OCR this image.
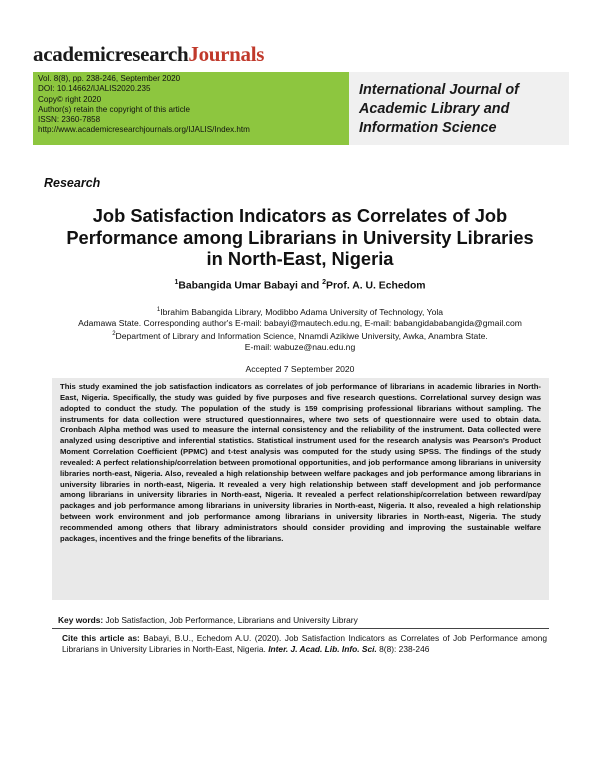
academicresearchJournals
Vol. 8(8), pp. 238-246, September 2020
DOI: 10.14662/IJALIS2020.235
Copy© right 2020
Author(s) retain the copyright of this article
ISSN: 2360-7858
http://www.academicresearchjournals.org/IJALIS/Index.htm
International Journal of
Academic Library and
Information Science
Research
Job Satisfaction Indicators as Correlates of Job
Performance among Librarians in University Libraries
in North-East, Nigeria
$^1$Babangida Umar Babayi and $^2$Prof. A. U. Echedom
$^1$Ibrahim Babangida Library, Modibbo Adama University of Technology, Yola
Adamawa State. Corresponding author's E-mail: babayi@mautech.edu.ng, E-mail: babangidababangida@gmail.com
$^2$Department of Library and Information Science, Nnamdi Azikiwe University, Awka, Anambra State.
E-mail: wabuze@nau.edu.ng
Accepted 7 September 2020
This study examined the job satisfaction indicators as correlates of job performance of librarians in academic libraries in North- East, Nigeria. Specifically, the study was guided by five purposes and five research questions. Correlational survey design was adopted to conduct the study. The population of the study is 159 comprising professional librarians without sampling. The instruments for data collection were structured questionnaires, where two sets of questionnaire were used to obtain data. Cronbach Alpha method was used to measure the internal consistency and the reliability of the instrument. Data collected were analyzed using descriptive and inferential statistics. Statistical instrument used for the research analysis was Pearson's Product Moment Correlation Coefficient (PPMC) and t-test analysis was computed for the study using SPSS. The findings of the study revealed: A perfect relationship/correlation between promotional opportunities, and job performance among librarians in university libraries north-east, Nigeria. Also, revealed a high relationship between welfare packages and job performance among librarians in university libraries in north-east, Nigeria. It revealed a very high relationship between staff development and job performance among librarians in university libraries in North-east, Nigeria. It revealed a perfect relationship/correlation between reward/pay packages and job performance among librarians in university libraries in North-east, Nigeria. It also, revealed a high relationship between work environment and job performance among librarians in university libraries in North-east, Nigeria. The study recommended among others that library administrators should consider providing and improving the sustainable welfare packages, incentives and the fringe benefits of the librarians.
Key words: Job Satisfaction, Job Performance, Librarians and University Library
Cite this article as: Babayi, B.U., Echedom A.U. (2020). Job Satisfaction Indicators as Correlates of Job Performance among Librarians in University Libraries in North-East, Nigeria. Inter. J. Acad. Lib. Info. Sci. 8(8): 238-246
